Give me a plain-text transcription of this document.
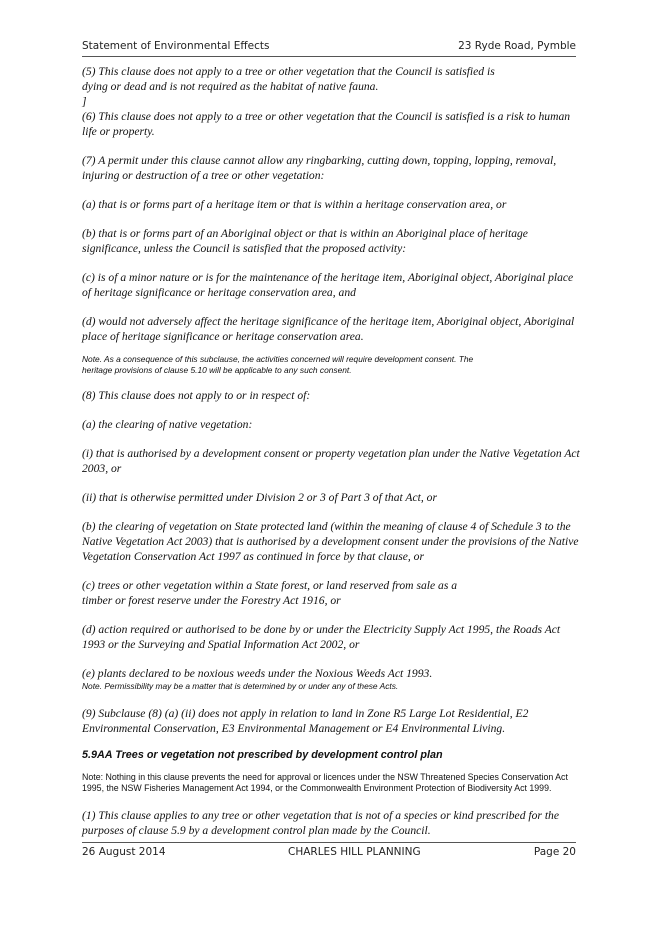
Statement of Environmental Effects	23 Ryde Road, Pymble

(5) This clause does not apply to a tree or other vegetation that the Council is satisfied is dying or dead and is not required as the habitat of native fauna.

]

(6) This clause does not apply to a tree or other vegetation that the Council is satisfied is a risk to human life or property.

(7) A permit under this clause cannot allow any ringbarking, cutting down, topping, lopping, removal, injuring or destruction of a tree or other vegetation:

(a) that is or forms part of a heritage item or that is within a heritage conservation area, or

(b) that is or forms part of an Aboriginal object or that is within an Aboriginal place of heritage significance, unless the Council is satisfied that the proposed activity:

(c) is of a minor nature or is for the maintenance of the heritage item, Aboriginal object, Aboriginal place of heritage significance or heritage conservation area, and

(d) would not adversely affect the heritage significance of the heritage item, Aboriginal object, Aboriginal place of heritage significance or heritage conservation area.

Note. As a consequence of this subclause, the activities concerned will require development consent. The heritage provisions of clause 5.10 will be applicable to any such consent.

(8) This clause does not apply to or in respect of:

(a) the clearing of native vegetation:

(i) that is authorised by a development consent or property vegetation plan under the Native Vegetation Act 2003, or

(ii) that is otherwise permitted under Division 2 or 3 of Part 3 of that Act, or

(b) the clearing of vegetation on State protected land (within the meaning of clause 4 of Schedule 3 to the Native Vegetation Act 2003) that is authorised by a development consent under the provisions of the Native Vegetation Conservation Act 1997 as continued in force by that clause, or

(c) trees or other vegetation within a State forest, or land reserved from sale as a timber or forest reserve under the Forestry Act 1916, or

(d) action required or authorised to be done by or under the Electricity Supply Act 1995, the Roads Act 1993 or the Surveying and Spatial Information Act 2002, or

(e) plants declared to be noxious weeds under the Noxious Weeds Act 1993.

Note. Permissibility may be a matter that is determined by or under any of these Acts.

(9) Subclause (8) (a) (ii) does not apply in relation to land in Zone R5 Large Lot Residential, E2 Environmental Conservation, E3 Environmental Management or E4 Environmental Living.

5.9AA Trees or vegetation not prescribed by development control plan

Note: Nothing in this clause prevents the need for approval or licences under the NSW Threatened Species Conservation Act 1995, the NSW Fisheries Management Act 1994, or the Commonwealth Environment Protection of Biodiversity Act 1999.

(1) This clause applies to any tree or other vegetation that is not of a species or kind prescribed for the purposes of clause 5.9 by a development control plan made by the Council.

26 August 2014	CHARLES HILL PLANNING	Page 20
